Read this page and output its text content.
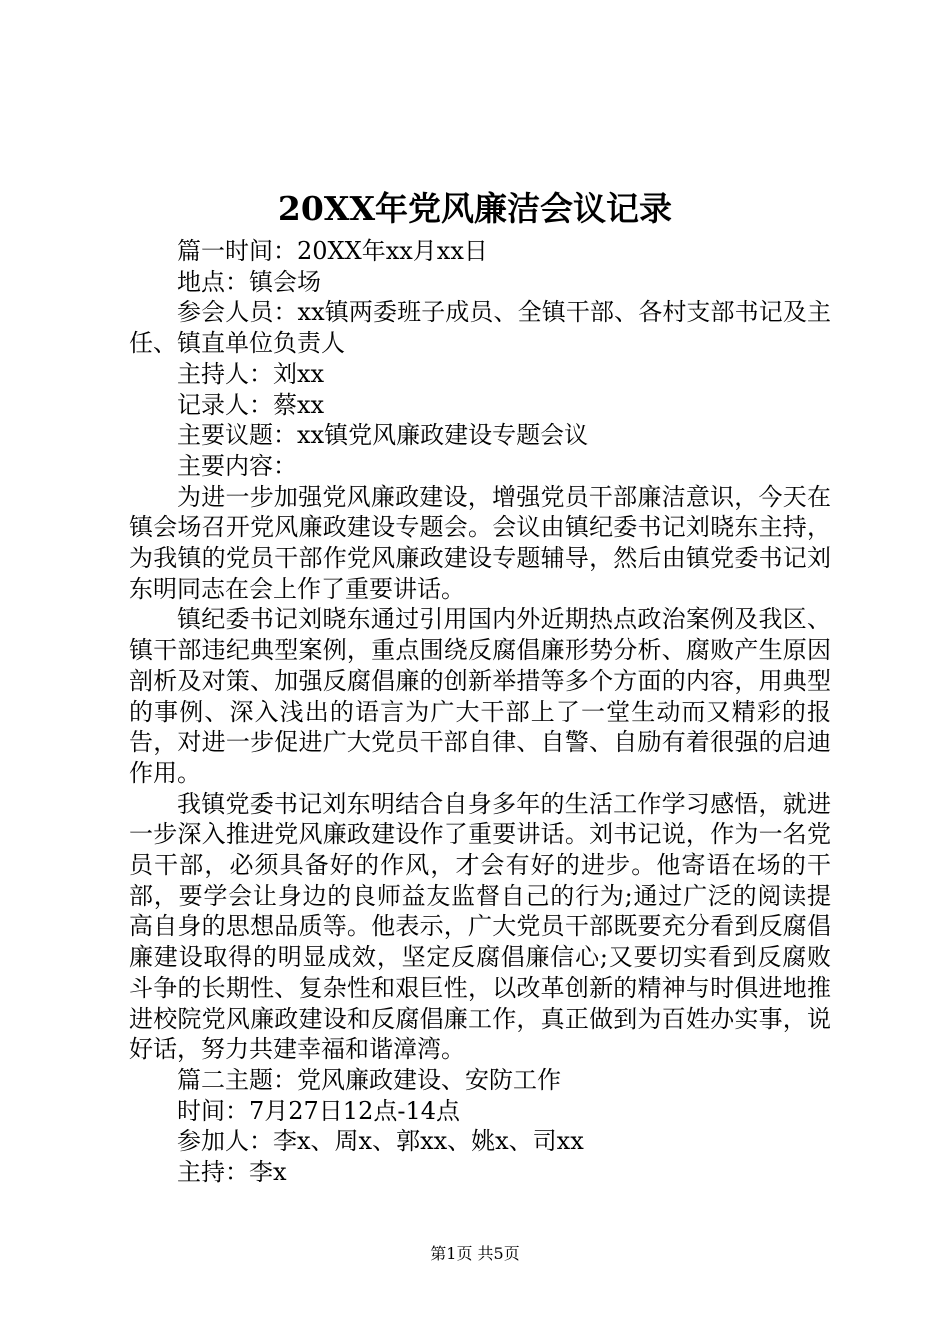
20XX年党风廉洁会议记录

篇一时间：20XX年xx月xx日

地点：镇会场

参会人员：xx镇两委班子成员、全镇干部、各村支部书记及主任、镇直单位负责人

主持人：刘xx

记录人：蔡xx

主要议题：xx镇党风廉政建设专题会议

主要内容：

为进一步加强党风廉政建设，增强党员干部廉洁意识，今天在镇会场召开党风廉政建设专题会。会议由镇纪委书记刘晓东主持，为我镇的党员干部作党风廉政建设专题辅导，然后由镇党委书记刘东明同志在会上作了重要讲话。

镇纪委书记刘晓东通过引用国内外近期热点政治案例及我区、镇干部违纪典型案例，重点围绕反腐倡廉形势分析、腐败产生原因剖析及对策、加强反腐倡廉的创新举措等多个方面的内容，用典型的事例、深入浅出的语言为广大干部上了一堂生动而又精彩的报告，对进一步促进广大党员干部自律、自警、自励有着很强的启迪作用。

我镇党委书记刘东明结合自身多年的生活工作学习感悟，就进一步深入推进党风廉政建设作了重要讲话。刘书记说，作为一名党员干部，必须具备好的作风，才会有好的进步。他寄语在场的干部，要学会让身边的良师益友监督自己的行为;通过广泛的阅读提高自身的思想品质等。他表示，广大党员干部既要充分看到反腐倡廉建设取得的明显成效，坚定反腐倡廉信心;又要切实看到反腐败斗争的长期性、复杂性和艰巨性，以改革创新的精神与时俱进地推进校院党风廉政建设和反腐倡廉工作，真正做到为百姓办实事，说好话，努力共建幸福和谐漳湾。

篇二主题：党风廉政建设、安防工作

时间：7月27日12点-14点

参加人：李x、周x、郭xx、姚x、司xx

主持：李x

第1页 共5页
